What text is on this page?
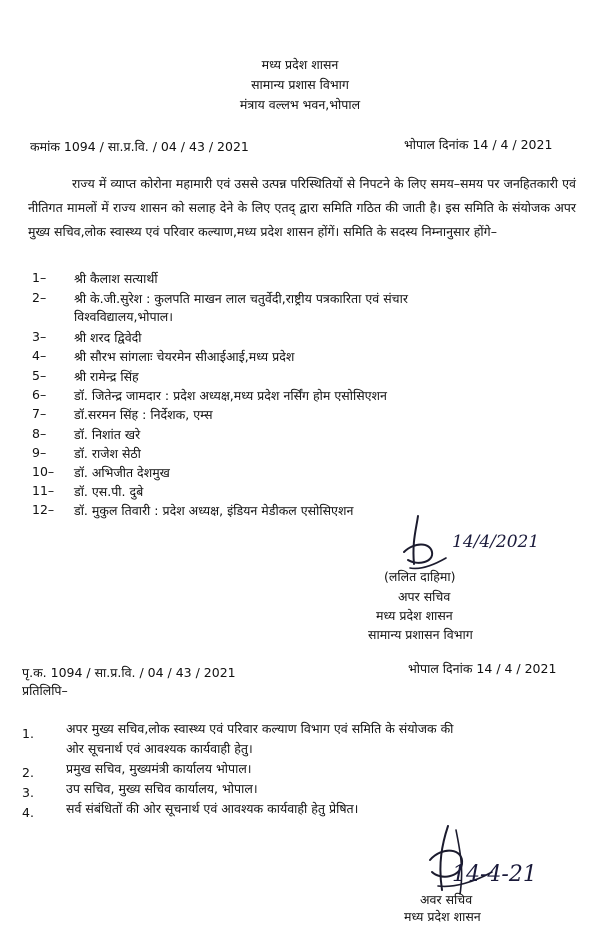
मध्य प्रदेश शासन
सामान्य प्रशास विभाग
मंत्राय वल्लभ भवन,भोपाल
कमांक 1094 / सा.प्र.वि. / 04 / 43 / 2021	भोपाल दिनांक 14 / 4 / 2021
राज्य में व्याप्त कोरोना महामारी एवं उससे उत्पन्न परिस्थितियों से निपटने के लिए समय–समय पर जनहितकारी एवं नीतिगत मामलों में राज्य शासन को सलाह देने के लिए एतद् द्वारा समिति गठित की जाती है। इस समिति के संयोजक अपर मुख्य सचिव,लोक स्वास्थ्य एवं परिवार कल्याण,मध्य प्रदेश शासन होंगें। समिति के सदस्य निम्नानुसार होंगे–
1– श्री कैलाश सत्यार्थी
2– श्री के.जी.सुरेश : कुलपति माखन लाल चतुर्वेदी,राष्ट्रीय पत्रकारिता एवं संचार
विश्वविद्यालय,भोपाल।
3– श्री शरद द्विवेदी
4– श्री सौरभ सांगलाः चेयरमेन सीआईआई,मध्य प्रदेश
5– श्री रामेन्द्र सिंह
6– डॉ. जितेन्द्र जामदार : प्रदेश अध्यक्ष,मध्य प्रदेश नर्सिंग होम एसोसिएशन
7– डॉ.सरमन सिंह : निर्देशक, एम्स
8– डॉ. निशांत खरे
9– डॉ. राजेश सेठी
10– डॉ. अभिजीत देशमुख
11– डॉ. एस.पी. दुबे
12– डॉ. मुकुल तिवारी : प्रदेश अध्यक्ष, इंडियन मेडीकल एसोसिएशन
14/4/2021
(ललित दाहिमा)
अपर सचिव
मध्य प्रदेश शासन
सामान्य प्रशासन विभाग
पृ.क. 1094 / सा.प्र.वि. / 04 / 43 / 2021	भोपाल दिनांक 14 / 4 / 2021
प्रतिलिपि–
1.	अपर मुख्य सचिव,लोक स्वास्थ्य एवं परिवार कल्याण विभाग एवं समिति के संयोजक की
ओर सूचनार्थ एवं आवश्यक कार्यवाही हेतु।
2.	प्रमुख सचिव, मुख्यमंत्री कार्यालय भोपाल।
3.	उप सचिव, मुख्य सचिव कार्यालय, भोपाल।
4.	सर्व संबंधितों की ओर सूचनार्थ एवं आवश्यक कार्यवाही हेतु प्रेषित।
14-4-21
अवर सचिव
मध्य प्रदेश शासन
